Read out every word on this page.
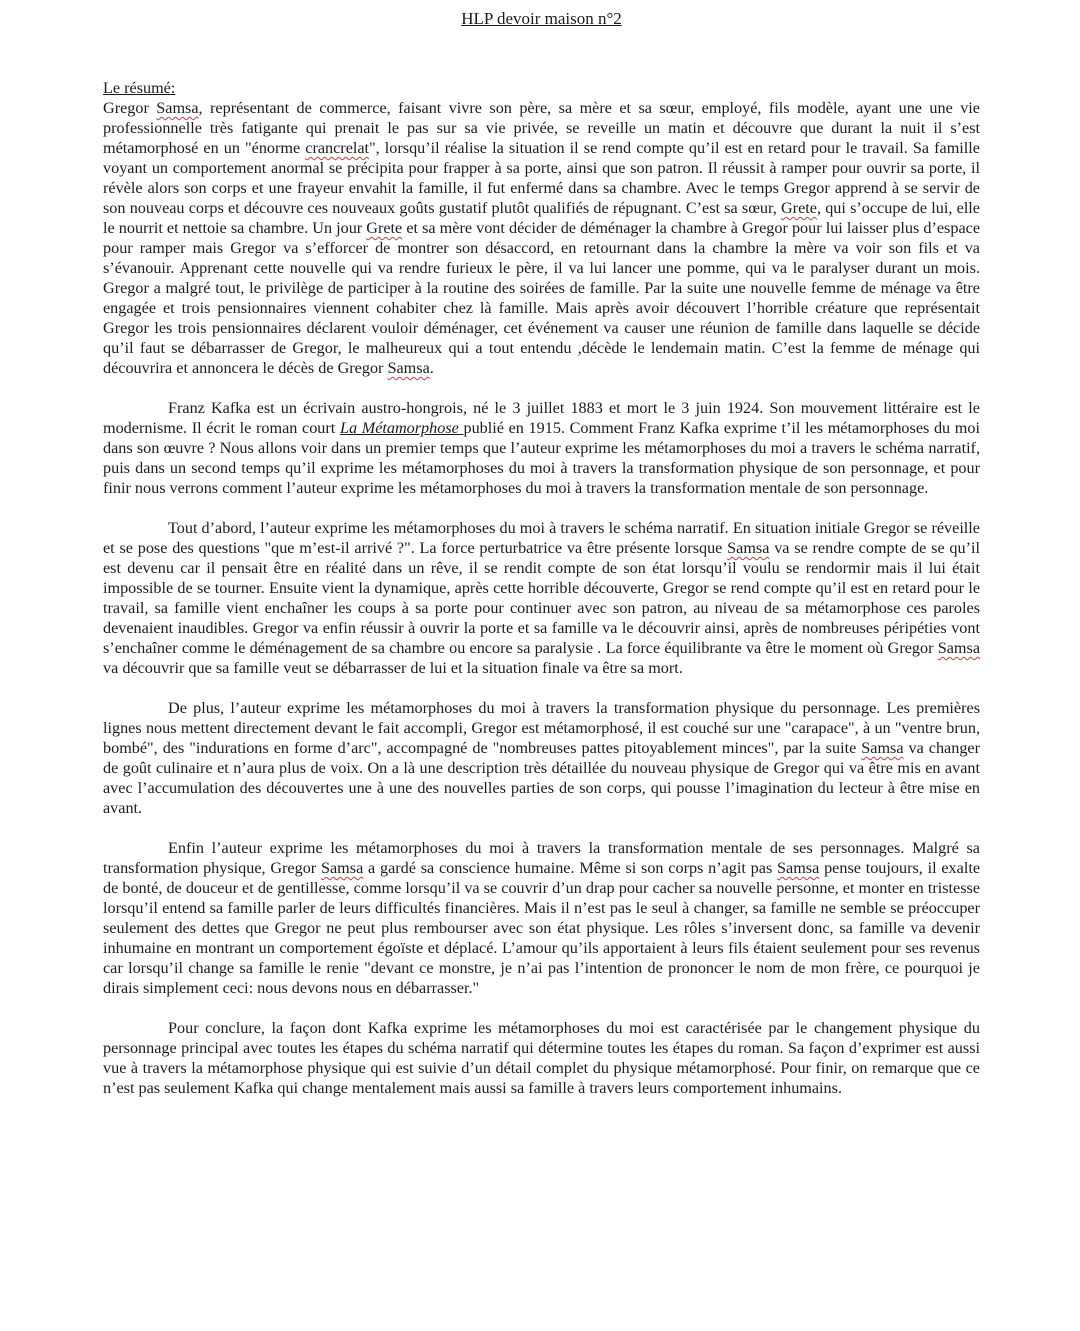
HLP devoir maison n°2
Le résumé:

Gregor Samsa, représentant de commerce, faisant vivre son père, sa mère et sa sœur, employé, fils modèle, ayant une une vie professionnelle très fatigante qui prenait le pas sur sa vie privée, se reveille un matin et découvre que durant la nuit il s’est métamorphosé en un "énorme crancrelat", lorsqu’il réalise la situation il se rend compte qu’il est en retard pour le travail. Sa famille voyant un comportement anormal se précipita pour frapper à sa porte, ainsi que son patron. Il réussit à ramper pour ouvrir sa porte, il révèle alors son corps et une frayeur envahit la famille, il fut enfermé dans sa chambre. Avec le temps Gregor apprend à se servir de son nouveau corps et découvre ces nouveaux goûts gustatif plutôt qualifiés de répugnant. C’est sa sœur, Grete, qui s’occupe de lui, elle le nourrit et nettoie sa chambre. Un jour Grete et sa mère vont décider de déménager la chambre à Gregor pour lui laisser plus d’espace pour ramper mais Gregor va s’efforcer de montrer son désaccord, en retournant dans la chambre la mère va voir son fils et va s’évanouir. Apprenant cette nouvelle qui va rendre furieux le père, il va lui lancer une pomme, qui va le paralyser durant un mois. Gregor a malgré tout, le privilège de participer à la routine des soirées de famille. Par la suite une nouvelle femme de ménage va être engagée et trois pensionnaires viennent cohabiter chez là famille. Mais après avoir découvert l’horrible créature que représentait Gregor les trois pensionnaires déclarent vouloir déménager, cet événement va causer une réunion de famille dans laquelle se décide qu’il faut se débarrasser de Gregor, le malheureux qui a tout entendu ,décède le lendemain matin. C’est la femme de ménage qui découvrira et annoncera le décès de Gregor Samsa.

Franz Kafka est un écrivain austro-hongrois, né le 3 juillet 1883 et mort le 3 juin 1924. Son mouvement littéraire est le modernisme. Il écrit le roman court La Métamorphose publié en 1915. Comment Franz Kafka exprime t’il les métamorphoses du moi dans son œuvre ? Nous allons voir dans un premier temps que l’auteur exprime les métamorphoses du moi a travers le schéma narratif, puis dans un second temps qu’il exprime les métamorphoses du moi à travers la transformation physique de son personnage, et pour finir nous verrons comment l’auteur exprime les métamorphoses du moi à travers la transformation mentale de son personnage.

Tout d’abord, l’auteur exprime les métamorphoses du moi à travers le schéma narratif. En situation initiale Gregor se réveille et se pose des questions "que m’est-il arrivé ?". La force perturbatrice va être présente lorsque Samsa va se rendre compte de se qu’il est devenu car il pensait être en réalité dans un rêve, il se rendit compte de son état lorsqu’il voulu se rendormir mais il lui était impossible de se tourner. Ensuite vient la dynamique, après cette horrible découverte, Gregor se rend compte qu’il est en retard pour le travail, sa famille vient enchaîner les coups à sa porte pour continuer avec son patron, au niveau de sa métamorphose ces paroles devenaient inaudibles. Gregor va enfin réussir à ouvrir la porte et sa famille va le découvrir ainsi, après de nombreuses péripéties vont s’enchaîner comme le déménagement de sa chambre ou encore sa paralysie . La force équilibrante va être le moment où Gregor Samsa va découvrir que sa famille veut se débarrasser de lui et la situation finale va être sa mort.

De plus, l’auteur exprime les métamorphoses du moi à travers la transformation physique du personnage. Les premières lignes nous mettent directement devant le fait accompli, Gregor est métamorphosé, il est couché sur une "carapace", à un "ventre brun, bombé", des "indurations en forme d’arc", accompagné de "nombreuses pattes pitoyablement minces", par la suite Samsa va changer de goût culinaire et n’aura plus de voix. On a là une description très détaillée du nouveau physique de Gregor qui va être mis en avant avec l’accumulation des découvertes une à une des nouvelles parties de son corps, qui pousse l’imagination du lecteur à être mise en avant.

Enfin l’auteur exprime les métamorphoses du moi à travers la transformation mentale de ses personnages. Malgré sa transformation physique, Gregor Samsa a gardé sa conscience humaine. Même si son corps n’agit pas Samsa pense toujours, il exalte de bonté, de douceur et de gentillesse, comme lorsqu’il va se couvrir d’un drap pour cacher sa nouvelle personne, et monter en tristesse lorsqu’il entend sa famille parler de leurs difficultés financières. Mais il n’est pas le seul à changer, sa famille ne semble se préoccuper seulement des dettes que Gregor ne peut plus rembourser avec son état physique. Les rôles s’inversent donc, sa famille va devenir inhumaine en montrant un comportement égoïste et déplacé. L’amour qu’ils apportaient à leurs fils étaient seulement pour ses revenus car lorsqu’il change sa famille le renie "devant ce monstre, je n’ai pas l’intention de prononcer le nom de mon frère, ce pourquoi je dirais simplement ceci: nous devons nous en débarrasser."

Pour conclure, la façon dont Kafka exprime les métamorphoses du moi est caractérisée par le changement physique du personnage principal avec toutes les étapes du schéma narratif qui détermine toutes les étapes du roman. Sa façon d’exprimer est aussi vue à travers la métamorphose physique qui est suivie d’un détail complet du physique métamorphosé. Pour finir, on remarque que ce n’est pas seulement Kafka qui change mentalement mais aussi sa famille à travers leurs comportement inhumains.
